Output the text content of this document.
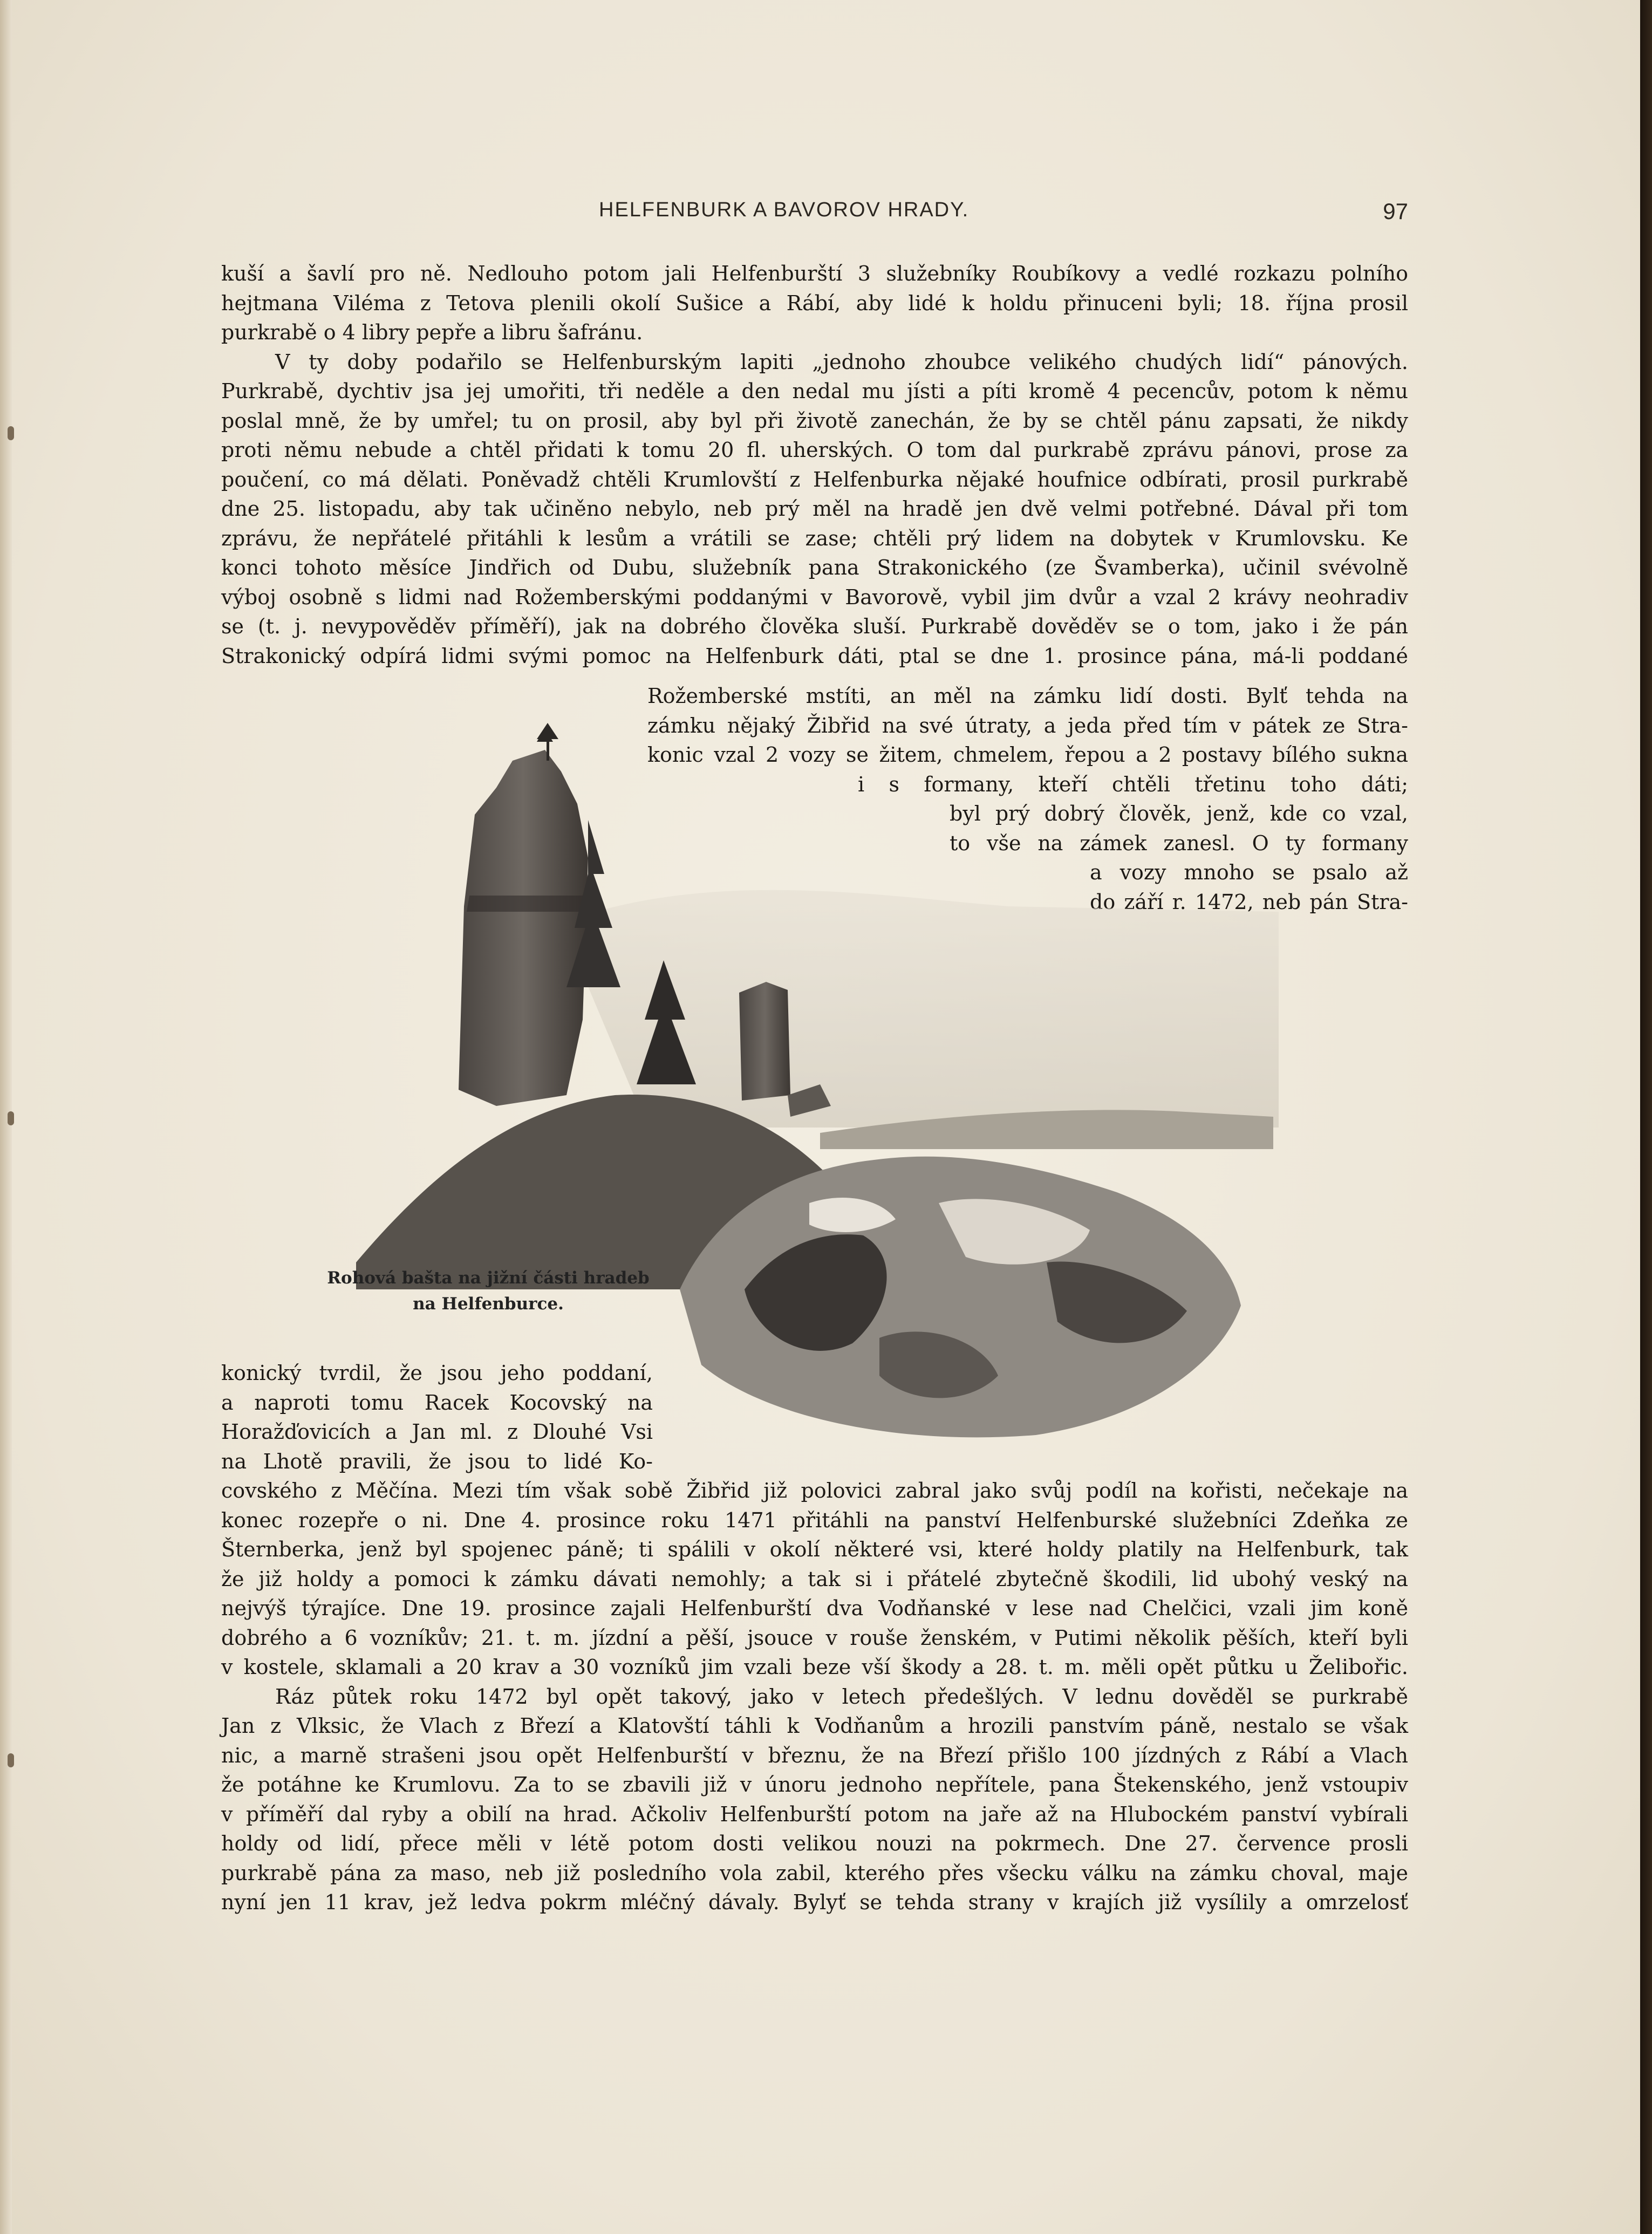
HELFENBURK A BAVOROV HRADY.	97
kuší a šavlí pro ně. Nedlouho potom jali Helfenburští 3 služebníky Roubíkovy a vedlé rozkazu polního
hejtmana Viléma z Tetova plenili okolí Sušice a Rábí, aby lidé k holdu přinuceni byli; 18. října prosil
purkrabě o 4 libry pepře a libru šafránu.
V ty doby podařilo se Helfenburským lapiti „jednoho zhoubce velikého chudých lidí“ pánových.
Purkrabě, dychtiv jsa jej umořiti, tři neděle a den nedal mu jísti a píti kromě 4 pecencův, potom k němu
poslal mně, že by umřel; tu on prosil, aby byl při životě zanechán, že by se chtěl pánu zapsati, že nikdy
proti němu nebude a chtěl přidati k tomu 20 fl. uherských. O tom dal purkrabě zprávu pánovi, prose za
poučení, co má dělati. Poněvadž chtěli Krumlovští z Helfenburka nějaké houfnice odbírati, prosil purkrabě
dne 25. listopadu, aby tak učiněno nebylo, neb prý měl na hradě jen dvě velmi potřebné. Dával při tom
zprávu, že nepřátelé přitáhli k lesům a vrátili se zase; chtěli prý lidem na dobytek v Krumlovsku. Ke
konci tohoto měsíce Jindřich od Dubu, služebník pana Strakonického (ze Švamberka), učinil svévolně
výboj osobně s lidmi nad Rožemberskými poddanými v Bavorově, vybil jim dvůr a vzal 2 krávy neohradiv
se (t. j. nevypověděv příměří), jak na dobrého člověka sluší. Purkrabě dověděv se o tom, jako i že pán
Strakonický odpírá lidmi svými pomoc na Helfenburk dáti, ptal se dne 1. prosince pána, má-li poddané
Rožemberské mstíti, an měl na zámku lidí dosti. Bylť tehda na
zámku nějaký Žibřid na své útraty, a jeda před tím v pátek ze Stra-
konic vzal 2 vozy se žitem, chmelem, řepou a 2 postavy bílého sukna
i s formany, kteří chtěli třetinu toho dáti;
byl prý dobrý člověk, jenž, kde co vzal,
to vše na zámek zanesl. O ty formany
a vozy mnoho se psalo až
do září r. 1472, neb pán Stra-
Rohová bašta na jižní části hradeb
na Helfenburce.
konický tvrdil, že jsou jeho poddaní,
a naproti tomu Racek Kocovský na
Horažďovicích a Jan ml. z Dlouhé Vsi
na Lhotě pravili, že jsou to lidé Ko-
covského z Měčína. Mezi tím však sobě Žibřid již polovici zabral jako svůj podíl na kořisti, nečekaje na
konec rozepře o ni. Dne 4. prosince roku 1471 přitáhli na panství Helfenburské služebníci Zdeňka ze
Šternberka, jenž byl spojenec páně; ti spálili v okolí některé vsi, které holdy platily na Helfenburk, tak
že již holdy a pomoci k zámku dávati nemohly; a tak si i přátelé zbytečně škodili, lid ubohý veský na
nejvýš týrajíce. Dne 19. prosince zajali Helfenburští dva Vodňanské v lese nad Chelčici, vzali jim koně
dobrého a 6 vozníkův; 21. t. m. jízdní a pěší, jsouce v rouše ženském, v Putimi několik pěších, kteří byli
v kostele, sklamali a 20 krav a 30 vozníků jim vzali beze vší škody a 28. t. m. měli opět půtku u Želibořic.
Ráz půtek roku 1472 byl opět takový, jako v letech předešlých. V lednu dověděl se purkrabě
Jan z Vlksic, že Vlach z Březí a Klatovští táhli k Vodňanům a hrozili panstvím páně, nestalo se však
nic, a marně strašeni jsou opět Helfenburští v březnu, že na Březí přišlo 100 jízdných z Rábí a Vlach
že potáhne ke Krumlovu. Za to se zbavili již v únoru jednoho nepřítele, pana Štekenského, jenž vstoupiv
v příměří dal ryby a obilí na hrad. Ačkoliv Helfenburští potom na jaře až na Hlubockém panství vybírali
holdy od lidí, přece měli v létě potom dosti velikou nouzi na pokrmech. Dne 27. července prosli
purkrabě pána za maso, neb již posledního vola zabil, kterého přes všecku válku na zámku choval, maje
nyní jen 11 krav, jež ledva pokrm mléčný dávaly. Bylyť se tehda strany v krajích již vysílily a omrzelosť
